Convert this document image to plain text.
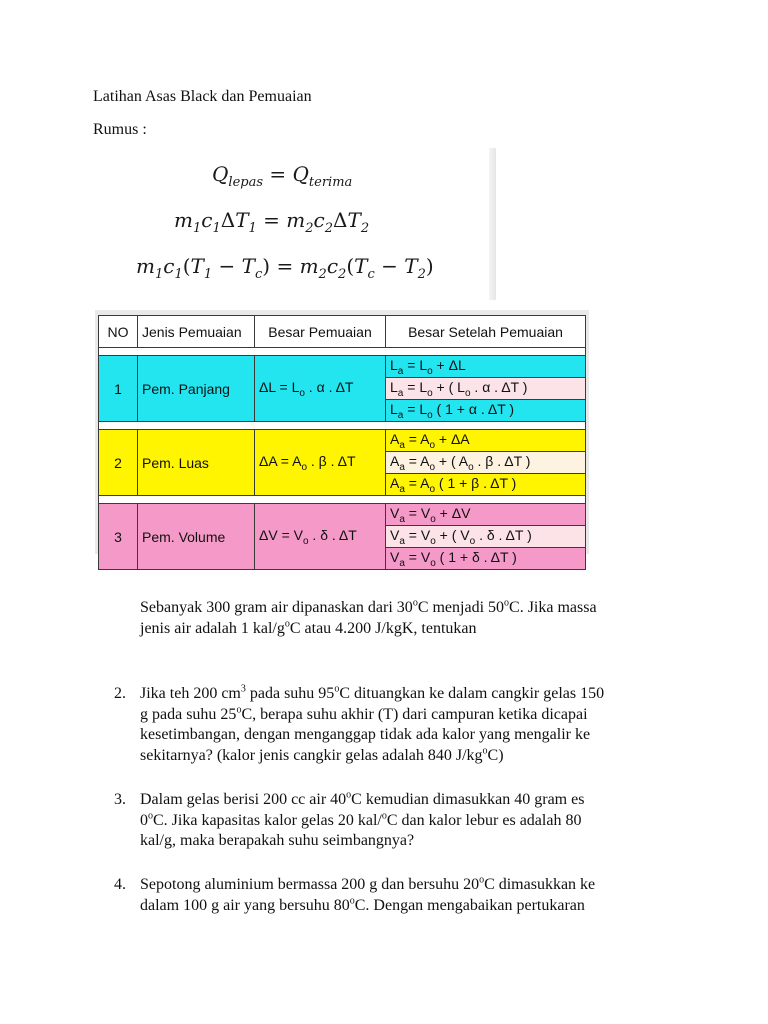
Latihan Asas Black dan Pemuaian
Rumus :
$Q_{lepas} = Q_{terima}$
$m_1c_1\Delta T_1 = m_2c_2\Delta T_2$
$m_1c_1(T_1 - T_c) = m_2c_2(T_c - T_2)$
NO	Jenis Pemuaian	Besar Pemuaian	Besar Setelah Pemuaian

1	Pem. Panjang	$\Delta L = L_o$ . α . ΔT	$L_a = L_o + \Delta L$
			$L_a = L_o$ + ( $L_o$ . α . ΔT )
			$L_a = L_o$ ( 1 + α . ΔT )

2	Pem. Luas	$\Delta A = A_o$ . β . ΔT	$A_a = A_o + \Delta A$
			$A_a = A_o$ + ( $A_o$ . β . ΔT )
			$A_a = A_o$ ( 1 + β . ΔT )

3	Pem. Volume	$\Delta V = V_o$ . δ . ΔT	$V_a = V_o + \Delta V$
			$V_a = V_o$ + ( $V_o$ . δ . ΔT )
			$V_a = V_o$ ( 1 + δ . ΔT )
Sebanyak 300 gram air dipanaskan dari 30$^o$C menjadi 50$^o$C. Jika massa
jenis air adalah 1 kal/$g^oC$ atau 4.200 J/kgK, tentukan
2. Jika teh 200 $cm^3$ pada suhu 95$^o$C dituangkan ke dalam cangkir gelas 150
g pada suhu 25$^o$C, berapa suhu akhir (T) dari campuran ketika dicapai
kesetimbangan, dengan menganggap tidak ada kalor yang mengalir ke
sekitarnya? (kalor jenis cangkir gelas adalah 840 $J/kg^oC$)
3. Dalam gelas berisi 200 cc air 40$^o$C kemudian dimasukkan 40 gram es
0$^o$C. Jika kapasitas kalor gelas 20 kal/$^o$C dan kalor lebur es adalah 80
kal/g, maka berapakah suhu seimbangnya?
4. Sepotong aluminium bermassa 200 g dan bersuhu 20$^o$C dimasukkan ke
dalam 100 g air yang bersuhu 80$^o$C. Dengan mengabaikan pertukaran
